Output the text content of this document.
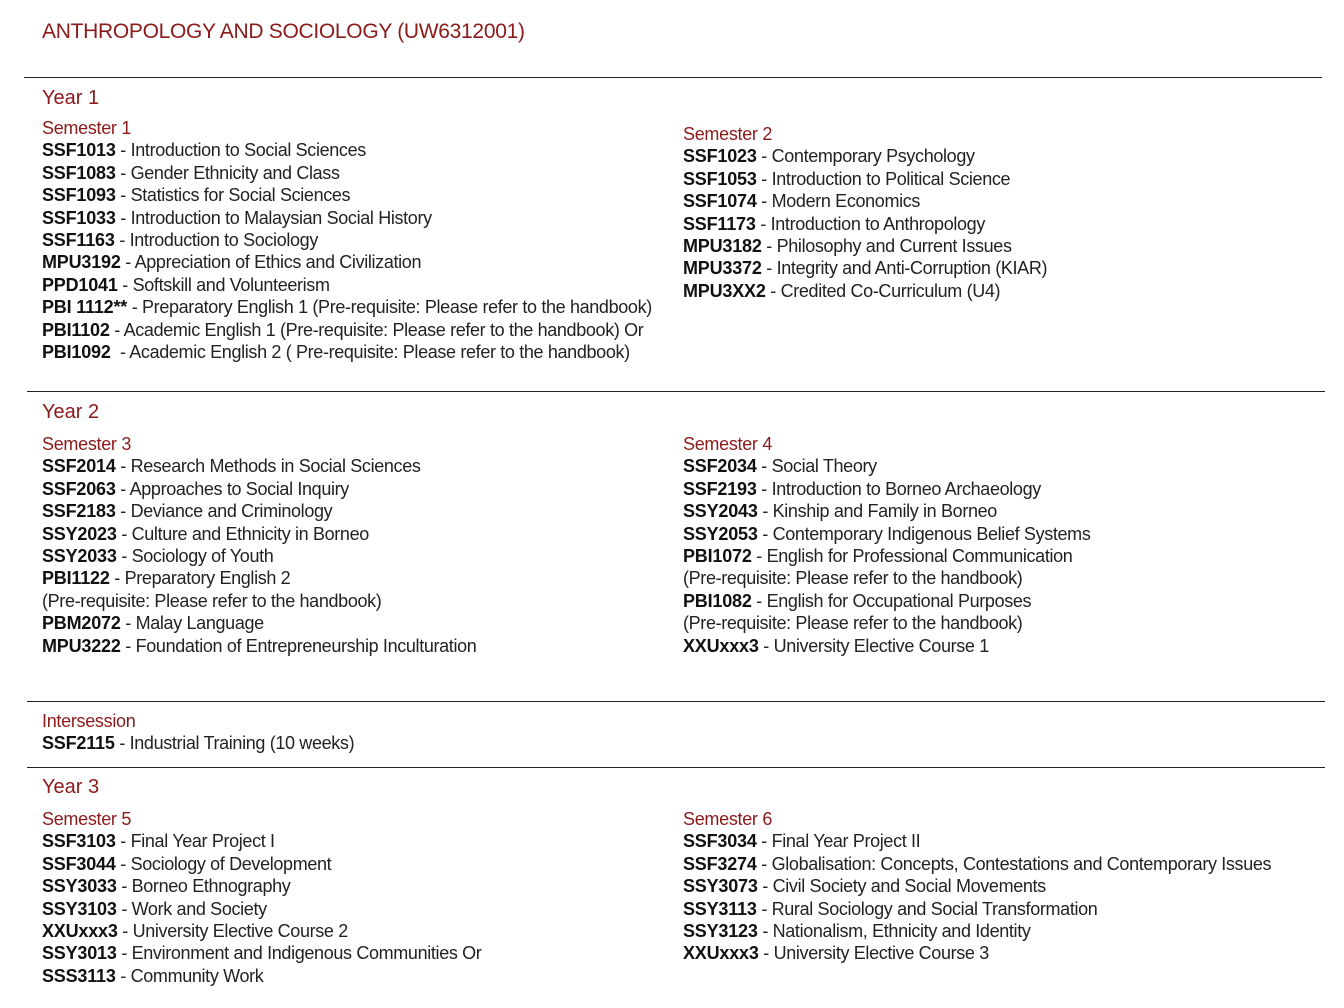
ANTHROPOLOGY AND SOCIOLOGY (UW6312001)
Year 1
Semester 1
SSF1013 - Introduction to Social Sciences
SSF1083 - Gender Ethnicity and Class
SSF1093 - Statistics for Social Sciences
SSF1033 - Introduction to Malaysian Social History
SSF1163 - Introduction to Sociology
MPU3192 - Appreciation of Ethics and Civilization
PPD1041 - Softskill and Volunteerism
PBI 1112** - Preparatory English 1 (Pre-requisite: Please refer to the handbook)
PBI1102 - Academic English 1 (Pre-requisite: Please refer to the handbook) Or
PBI1092  - Academic English 2 ( Pre-requisite: Please refer to the handbook)
Semester 2
SSF1023 - Contemporary Psychology
SSF1053 - Introduction to Political Science
SSF1074 - Modern Economics
SSF1173 - Introduction to Anthropology
MPU3182 - Philosophy and Current Issues
MPU3372 - Integrity and Anti-Corruption (KIAR)
MPU3XX2 - Credited Co-Curriculum (U4)
Year 2
Semester 3
SSF2014 - Research Methods in Social Sciences
SSF2063 - Approaches to Social Inquiry
SSF2183 - Deviance and Criminology
SSY2023 - Culture and Ethnicity in Borneo
SSY2033 - Sociology of Youth
PBI1122 - Preparatory English 2
(Pre-requisite: Please refer to the handbook)
PBM2072 - Malay Language
MPU3222 - Foundation of Entrepreneurship Inculturation
Semester 4
SSF2034 - Social Theory
SSF2193 - Introduction to Borneo Archaeology
SSY2043 - Kinship and Family in Borneo
SSY2053 - Contemporary Indigenous Belief Systems
PBI1072 - English for Professional Communication
(Pre-requisite: Please refer to the handbook)
PBI1082 - English for Occupational Purposes
(Pre-requisite: Please refer to the handbook)
XXUxxx3 - University Elective Course 1
Intersession
SSF2115 - Industrial Training (10 weeks)
Year 3
Semester 5
SSF3103 - Final Year Project I
SSF3044 - Sociology of Development
SSY3033 - Borneo Ethnography
SSY3103 - Work and Society
XXUxxx3 - University Elective Course 2
SSY3013 - Environment and Indigenous Communities Or
SSS3113 - Community Work
Semester 6
SSF3034 - Final Year Project II
SSF3274 - Globalisation: Concepts, Contestations and Contemporary Issues
SSY3073 - Civil Society and Social Movements
SSY3113 - Rural Sociology and Social Transformation
SSY3123 - Nationalism, Ethnicity and Identity
XXUxxx3 - University Elective Course 3
